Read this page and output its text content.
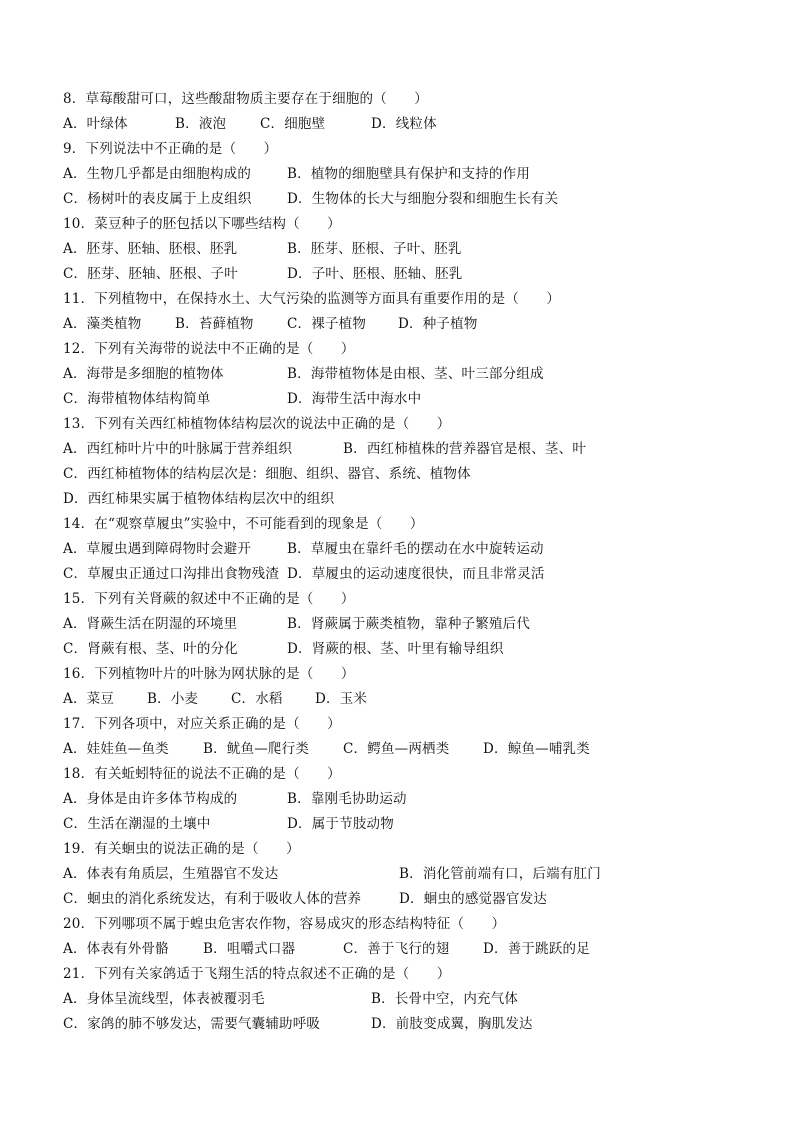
8．草莓酸甜可口，这些酸甜物质主要存在于细胞的（　　）
A．叶绿体	B．液泡	C．细胞壁	D．线粒体
9．下列说法中不正确的是（　　）
A．生物几乎都是由细胞构成的	B．植物的细胞壁具有保护和支持的作用
C．杨树叶的表皮属于上皮组织	D．生物体的长大与细胞分裂和细胞生长有关
10．菜豆种子的胚包括以下哪些结构（　　）
A．胚芽、胚轴、胚根、胚乳	B．胚芽、胚根、子叶、胚乳
C．胚芽、胚轴、胚根、子叶	D．子叶、胚根、胚轴、胚乳
11．下列植物中，在保持水土、大气污染的监测等方面具有重要作用的是（　　）
A．藻类植物 B．苔藓植物 C．裸子植物 D．种子植物
12．下列有关海带的说法中不正确的是（　　）
A．海带是多细胞的植物体	B．海带植物体是由根、茎、叶三部分组成
C．海带植物体结构简单	D．海带生活中海水中
13．下列有关西红柿植物体结构层次的说法中正确的是（　　）
A．西红柿叶片中的叶脉属于营养组织	B．西红柿植株的营养器官是根、茎、叶
C．西红柿植物体的结构层次是：细胞、组织、器官、系统、植物体
D．西红柿果实属于植物体结构层次中的组织
14．在“观察草履虫”实验中，不可能看到的现象是（　　）
A．草履虫遇到障碍物时会避开	B．草履虫在靠纤毛的摆动在水中旋转运动
C．草履虫正通过口沟排出食物残渣 D．草履虫的运动速度很快，而且非常灵活
15．下列有关肾蕨的叙述中不正确的是（　　）
A．肾蕨生活在阴湿的环境里	B．肾蕨属于蕨类植物，靠种子繁殖后代
C．肾蕨有根、茎、叶的分化	D．肾蕨的根、茎、叶里有输导组织
16．下列植物叶片的叶脉为网状脉的是（　　）
A．菜豆 B．小麦 C．水稻 D．玉米
17．下列各项中，对应关系正确的是（　　）
A．娃娃鱼—鱼类	B．鱿鱼—爬行类	C．鳄鱼—两栖类 D．鲸鱼—哺乳类
18．有关蚯蚓特征的说法不正确的是（　　）
A．身体是由许多体节构成的	B．靠刚毛协助运动
C．生活在潮湿的土壤中	D．属于节肢动物
19．有关蛔虫的说法正确的是（　　）
A．体表有角质层，生殖器官不发达	B．消化管前端有口，后端有肛门
C．蛔虫的消化系统发达，有利于吸收人体的营养	D．蛔虫的感觉器官发达
20．下列哪项不属于蝗虫危害农作物，容易成灾的形态结构特征（　　）
A．体表有外骨骼	B．咀嚼式口器	C．善于飞行的翅 D．善于跳跃的足
21．下列有关家鸽适于飞翔生活的特点叙述不正确的是（　　）
A．身体呈流线型，体表被覆羽毛	B．长骨中空，内充气体
C．家鸽的肺不够发达，需要气囊辅助呼吸	D．前肢变成翼，胸肌发达
